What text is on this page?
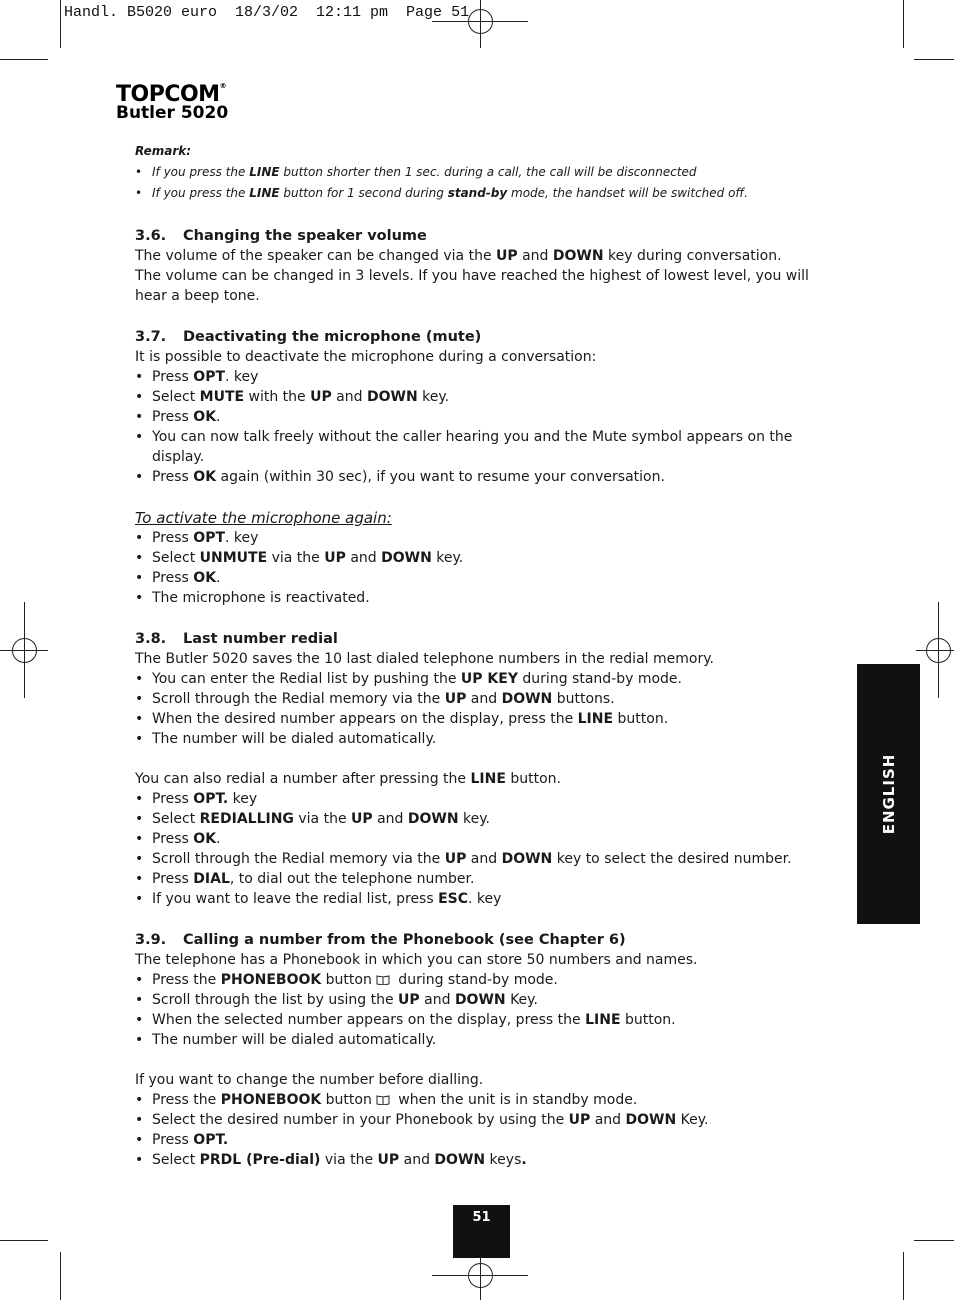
Handl. B5020 euro  18/3/02  12:11 pm  Page 51
TOPCOM®
Butler 5020

Remark:

• If you press the LINE button shorter then 1 sec. during a call, the call will be disconnected
• If you press the LINE button for 1 second during stand-by mode, the handset will be switched off.
3.6. Changing the speaker volume

The volume of the speaker can be changed via the UP and DOWN key during conversation.

The volume can be changed in 3 levels. If you have reached the highest of lowest level, you will hear a beep tone.

3.7. Deactivating the microphone (mute)

It is possible to deactivate the microphone during a conversation:

• Press OPT. key
• Select MUTE with the UP and DOWN key.
• Press OK.
• You can now talk freely without the caller hearing you and the Mute symbol appears on the display.
• Press OK again (within 30 sec), if you want to resume your conversation.

To activate the microphone again:

• Press OPT. key
• Select UNMUTE via the UP and DOWN key.
• Press OK.
• The microphone is reactivated.
3.8. Last number redial

The Butler 5020 saves the 10 last dialed telephone numbers in the redial memory.

• You can enter the Redial list by pushing the UP KEY during stand-by mode.
• Scroll through the Redial memory via the UP and DOWN buttons.
• When the desired number appears on the display, press the LINE button.
• The number will be dialed automatically.

You can also redial a number after pressing the LINE button.

• Press OPT. key
• Select REDIALLING via the UP and DOWN key.
• Press OK.
• Scroll through the Redial memory via the UP and DOWN key to select the desired number.
• Press DIAL, to dial out the telephone number.
• If you want to leave the redial list, press ESC. key
3.9. Calling a number from the Phonebook (see Chapter 6)

The telephone has a Phonebook in which you can store 50 numbers and names.

• Press the PHONEBOOK button during stand-by mode.
• Scroll through the list by using the UP and DOWN Key.
• When the selected number appears on the display, press the LINE button.
• The number will be dialed automatically.

If you want to change the number before dialling.

• Press the PHONEBOOK button when the unit is in standby mode.
• Select the desired number in your Phonebook by using the UP and DOWN Key.
• Press OPT.
• Select PRDL (Pre-dial) via the UP and DOWN keys.
ENGLISH
51
